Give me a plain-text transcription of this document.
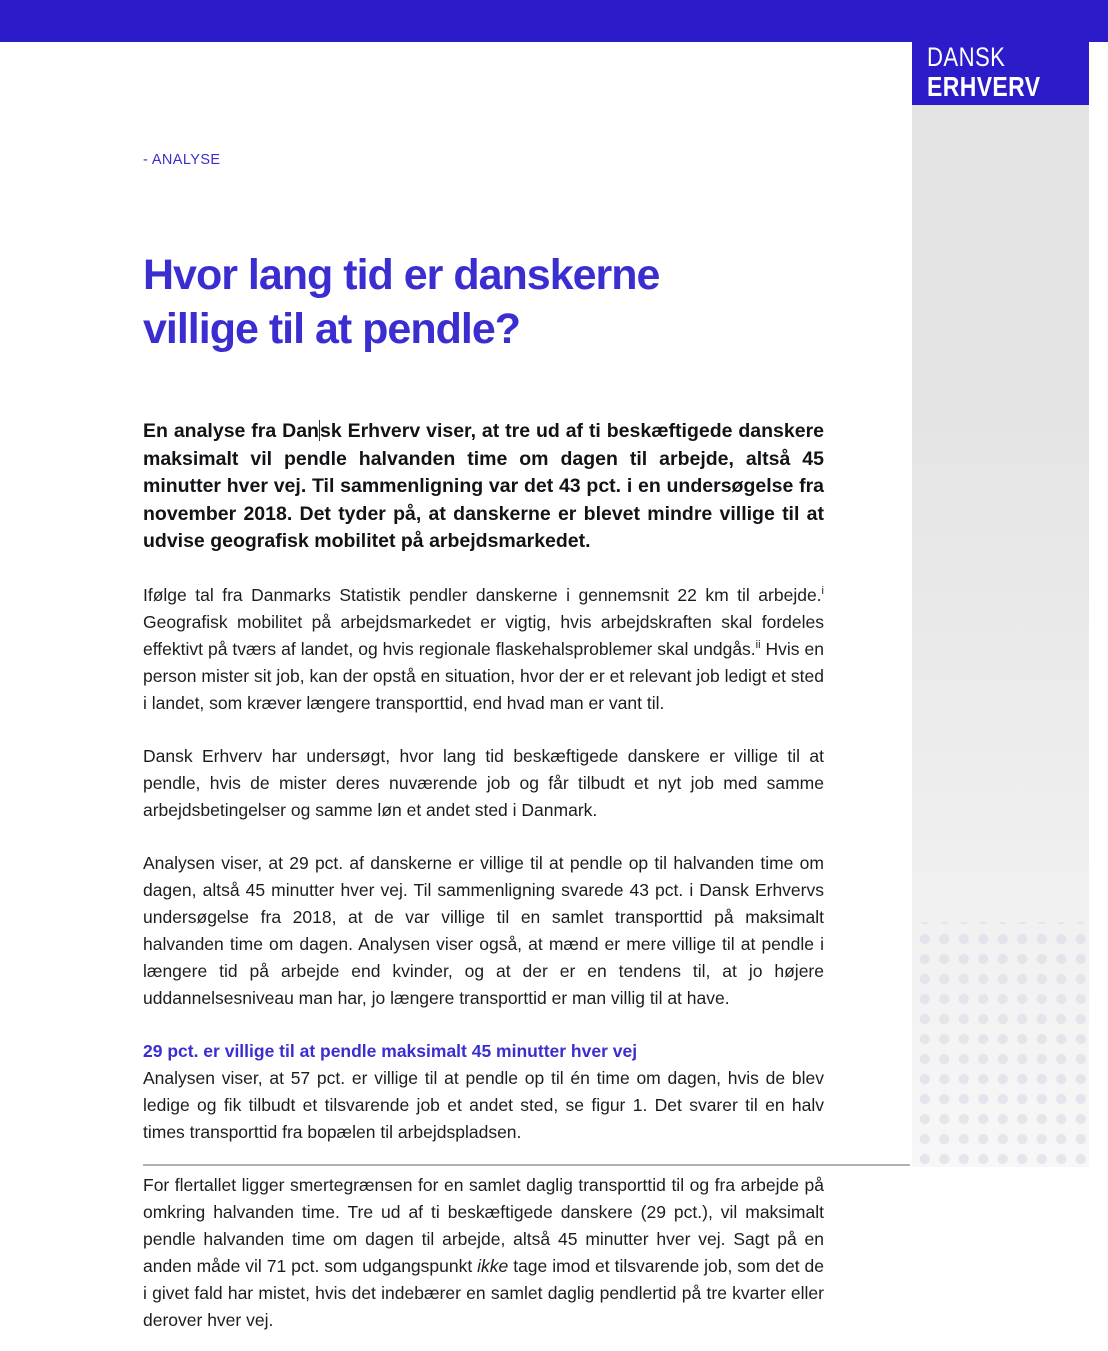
DANSK
ERHVERV
- ANALYSE
Hvor lang tid er danskerne
villige til at pendle?

En analyse fra Dansk Erhverv viser, at tre ud af ti beskæftigede danskere maksimalt vil pendle halvanden time om dagen til arbejde, altså 45 minutter hver vej. Til sammenligning var det 43 pct. i en undersøgelse fra november 2018. Det tyder på, at danskerne er blevet mindre villige til at udvise geografisk mobilitet på arbejdsmarkedet.

Ifølge tal fra Danmarks Statistik pendler danskerne i gennemsnit 22 km til arbejde.$^i$ Geografisk mobilitet på arbejdsmarkedet er vigtig, hvis arbejdskraften skal fordeles effektivt på tværs af landet, og hvis regionale flaskehalsproblemer skal undgås.$^{ii}$ Hvis en person mister sit job, kan der opstå en situation, hvor der er et relevant job ledigt et sted i landet, som kræver længere transporttid, end hvad man er vant til.

Dansk Erhverv har undersøgt, hvor lang tid beskæftigede danskere er villige til at pendle, hvis de mister deres nuværende job og får tilbudt et nyt job med samme arbejdsbetingelser og samme løn et andet sted i Danmark.

Analysen viser, at 29 pct. af danskerne er villige til at pendle op til halvanden time om dagen, altså 45 minutter hver vej. Til sammenligning svarede 43 pct. i Dansk Erhvervs undersøgelse fra 2018, at de var villige til en samlet transporttid på maksimalt halvanden time om dagen. Analysen viser også, at mænd er mere villige til at pendle i længere tid på arbejde end kvinder, og at der er en tendens til, at jo højere uddannelsesniveau man har, jo længere transporttid er man villig til at have.

29 pct. er villige til at pendle maksimalt 45 minutter hver vej

Analysen viser, at 57 pct. er villige til at pendle op til én time om dagen, hvis de blev ledige og fik tilbudt et tilsvarende job et andet sted, se figur 1. Det svarer til en halv times transporttid fra bopælen til arbejdspladsen.

For flertallet ligger smertegrænsen for en samlet daglig transporttid til og fra arbejde på omkring halvanden time. Tre ud af ti beskæftigede danskere (29 pct.), vil maksimalt pendle halvanden time om dagen til arbejde, altså 45 minutter hver vej. Sagt på en anden måde vil 71 pct. som udgangspunkt ikke tage imod et tilsvarende job, som det de i givet fald har mistet, hvis det indebærer en samlet daglig pendlertid på tre kvarter eller derover hver vej.
